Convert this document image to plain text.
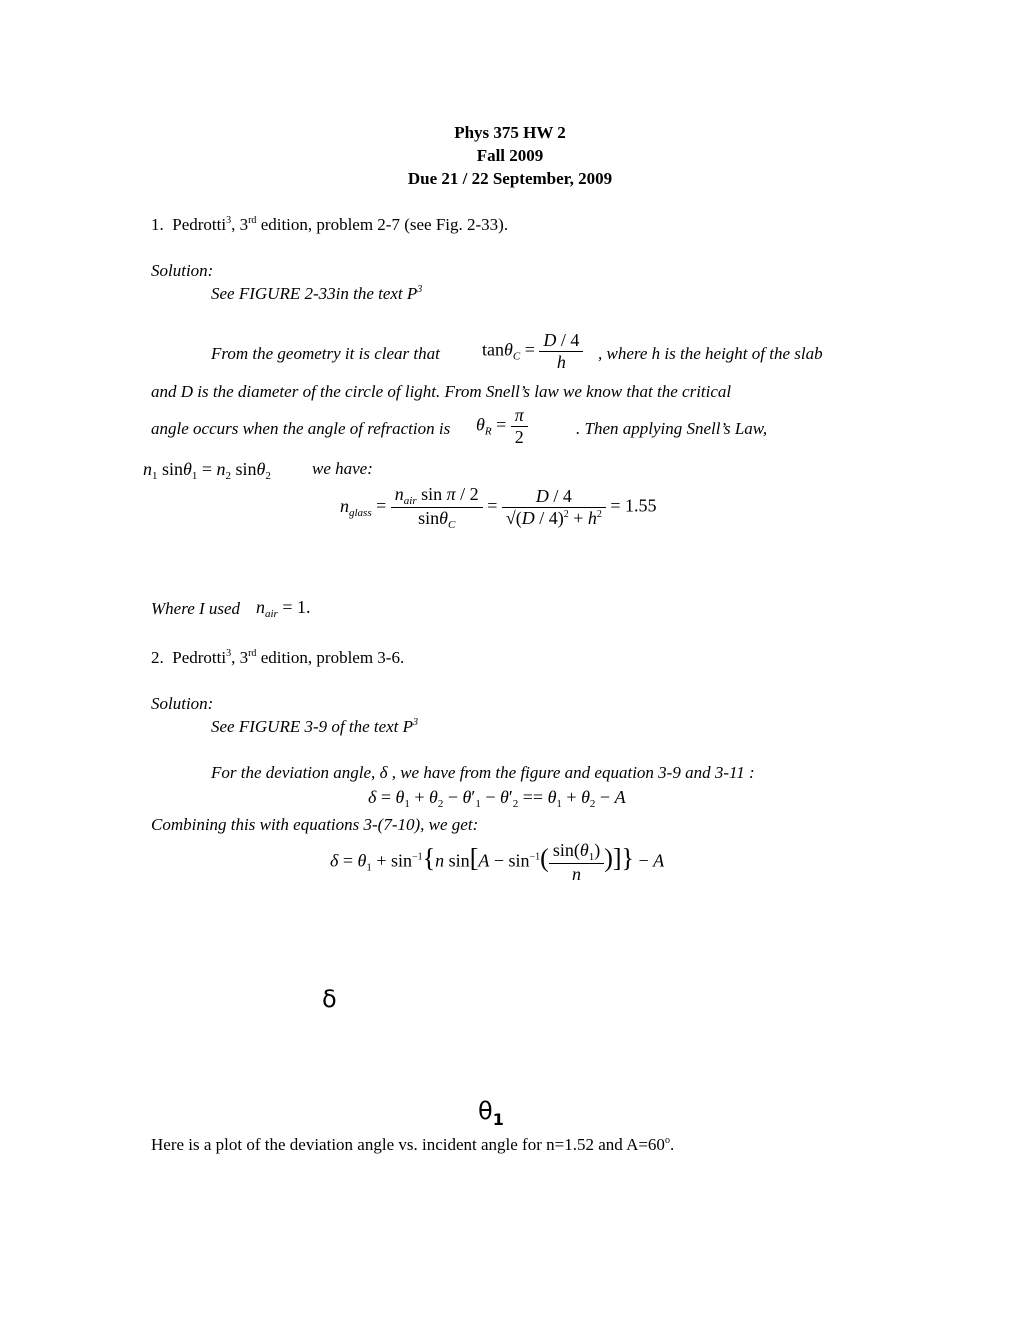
Phys 375 HW 2
Fall 2009
Due 21 / 22 September, 2009
1. Pedrotti$^3$, 3rd edition, problem 2-7 (see Fig. 2-33).
Solution:
See FIGURE 2-33in the text $P^3$
From the geometry it is clear that $\tan\theta_C = \frac{D / 4}{h}$ , where h is the height of the slab
and D is the diameter of the circle of light. From Snell’s law we know that the critical
angle occurs when the angle of refraction is $\theta_R = \frac{\pi}{2}$	. Then applying Snell’s Law,
$n_1$ $\sin\theta_1 = n_2$ sinθ$_2$ we have:
$n_{glass} = \frac{n_{air} \sin \pi / 2}{\sin\theta_C} = \frac{D / 4}{√(D / 4)^2 + h^2} = 1.55$
Where I used $n_{air} = 1$.
2. Pedrotti$^3$, 3rd edition, problem 3-6.
Solution:
See FIGURE 3-9 of the text $P^3$
For the deviation angle, δ , we have from the figure and equation 3-9 and 3-11 :
$\delta = \theta_1 + \theta_2 - \theta'_1 - \theta'_2 == \theta_1 + \theta_2 - A$
Combining this with equations 3-(7-10), we get:
$\delta = \theta_1 + \sin^{-1}\{n$ $\sin[A - \sin^{-1}( \frac{\sin(\theta_1)}{n}$ )]} − A
δ
$\theta_1$
Here is a plot of the deviation angle vs. incident angle for n=1.52 and $A=60^o$.
